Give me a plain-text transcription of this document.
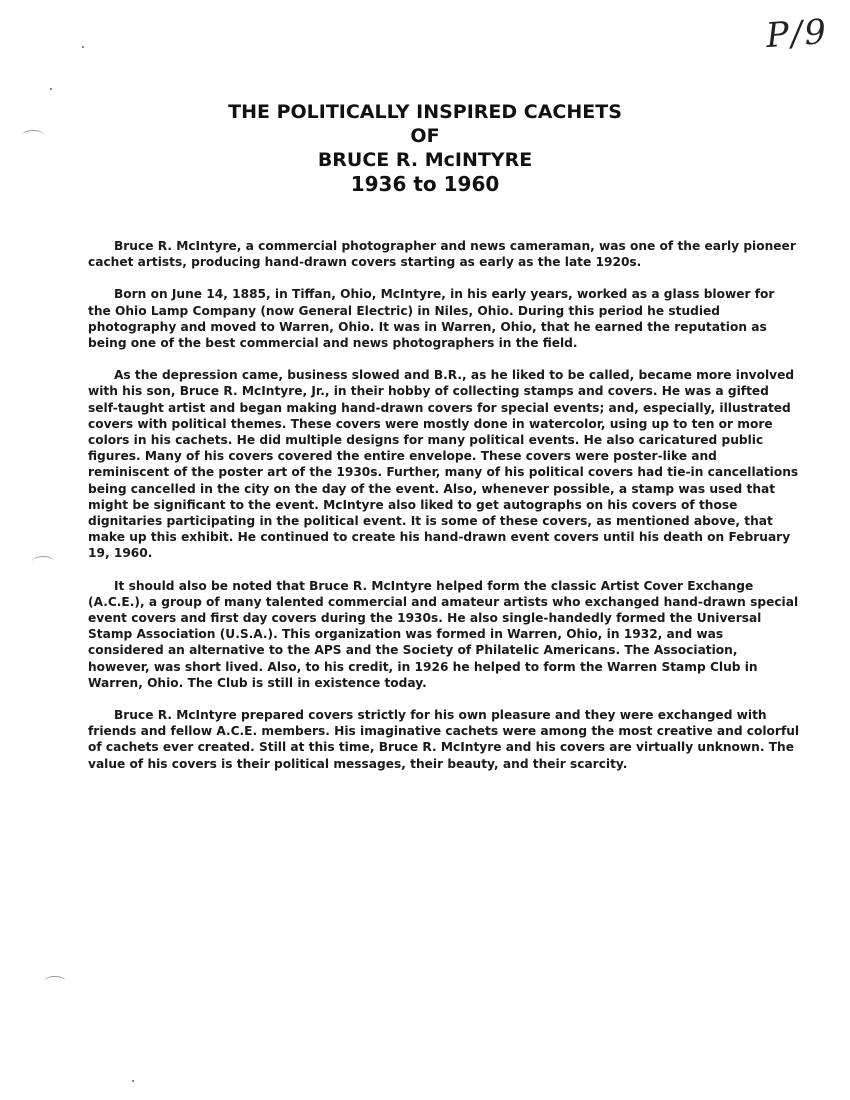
P/9

THE POLITICALLY INSPIRED CACHETS

OF

BRUCE R. McINTYRE

1936 to 1960

Bruce R. McIntyre, a commercial photographer and news cameraman, was one of the early pioneer cachet artists, producing hand-drawn covers starting as early as the late 1920s.

Born on June 14, 1885, in Tiffan, Ohio, McIntyre, in his early years, worked as a glass blower for the Ohio Lamp Company (now General Electric) in Niles, Ohio. During this period he studied photography and moved to Warren, Ohio. It was in Warren, Ohio, that he earned the reputation as being one of the best commercial and news photographers in the field.

As the depression came, business slowed and B.R., as he liked to be called, became more involved with his son, Bruce R. McIntyre, Jr., in their hobby of collecting stamps and covers. He was a gifted self-taught artist and began making hand-drawn covers for special events; and, especially, illustrated covers with political themes. These covers were mostly done in watercolor, using up to ten or more colors in his cachets. He did multiple designs for many political events. He also caricatured public figures. Many of his covers covered the entire envelope. These covers were poster-like and reminiscent of the poster art of the 1930s. Further, many of his political covers had tie-in cancellations being cancelled in the city on the day of the event. Also, whenever possible, a stamp was used that might be significant to the event. McIntyre also liked to get autographs on his covers of those dignitaries participating in the political event. It is some of these covers, as mentioned above, that make up this exhibit. He continued to create his hand-drawn event covers until his death on February 19, 1960.

It should also be noted that Bruce R. McIntyre helped form the classic Artist Cover Exchange (A.C.E.), a group of many talented commercial and amateur artists who exchanged hand-drawn special event covers and first day covers during the 1930s. He also single-handedly formed the Universal Stamp Association (U.S.A.). This organization was formed in Warren, Ohio, in 1932, and was considered an alternative to the APS and the Society of Philatelic Americans. The Association, however, was short lived. Also, to his credit, in 1926 he helped to form the Warren Stamp Club in Warren, Ohio. The Club is still in existence today.

Bruce R. McIntyre prepared covers strictly for his own pleasure and they were exchanged with friends and fellow A.C.E. members. His imaginative cachets were among the most creative and colorful of cachets ever created. Still at this time, Bruce R. McIntyre and his covers are virtually unknown. The value of his covers is their political messages, their beauty, and their scarcity.
